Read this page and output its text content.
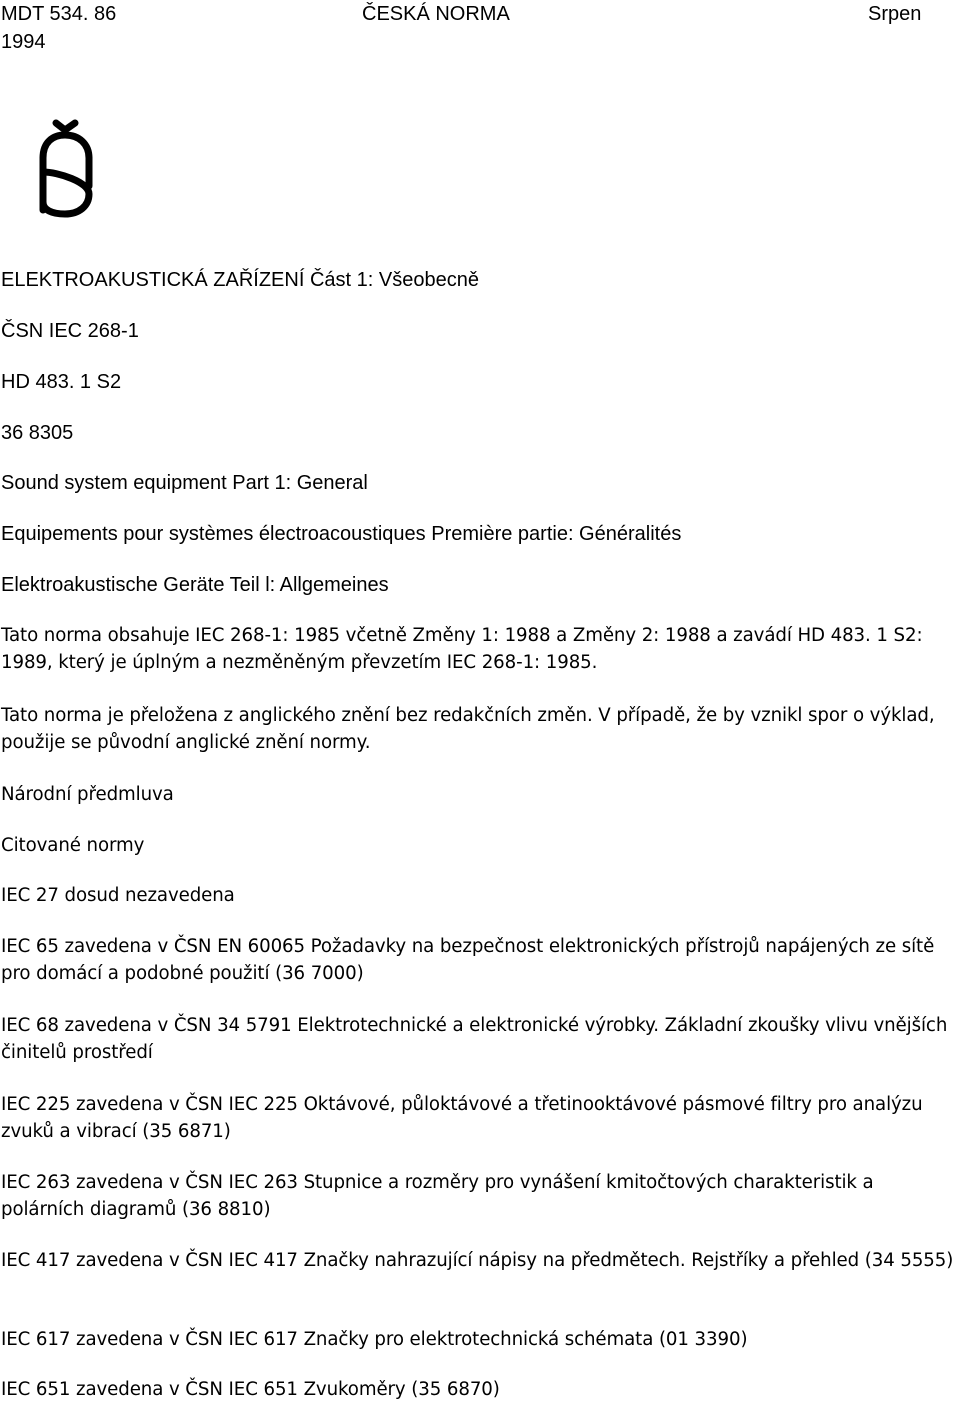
MDT 534. 86	ČESKÁ NORMA	Srpen
1994
ELEKTROAKUSTICKÁ ZAŘÍZENÍ Část 1: Všeobecně
ČSN IEC 268-1
HD 483. 1 S2
36 8305
Sound system equipment Part 1: General
Equipements pour systèmes électroacoustiques Première partie: Généralités
Elektroakustische Geräte Teil l: Allgemeines
Tato norma obsahuje IEC 268-1: 1985 včetně Změny 1: 1988 a Změny 2: 1988 a zavádí HD 483. 1 S2: 1989, který je úplným a nezměněným převzetím IEC 268-1: 1985.
Tato norma je přeložena z anglického znění bez redakčních změn. V případě, že by vznikl spor o výklad, použije se původní anglické znění normy.
Národní předmluva
Citované normy
IEC 27 dosud nezavedena
IEC 65 zavedena v ČSN EN 60065 Požadavky na bezpečnost elektronických přístrojů napájených ze sítě pro domácí a podobné použití (36 7000)
IEC 68 zavedena v ČSN 34 5791 Elektrotechnické a elektronické výrobky. Základní zkoušky vlivu vnějších činitelů prostředí
IEC 225 zavedena v ČSN IEC 225 Oktávové, půloktávové a třetinooktávové pásmové filtry pro analýzu zvuků a vibrací (35 6871)
IEC 263 zavedena v ČSN IEC 263 Stupnice a rozměry pro vynášení kmitočtových charakteristik a polárních diagramů (36 8810)
IEC 417 zavedena v ČSN IEC 417 Značky nahrazující nápisy na předmětech. Rejstříky a přehled (34 5555)
IEC 617 zavedena v ČSN IEC 617 Značky pro elektrotechnická schémata (01 3390)
IEC 651 zavedena v ČSN IEC 651 Zvukoměry (35 6870)
